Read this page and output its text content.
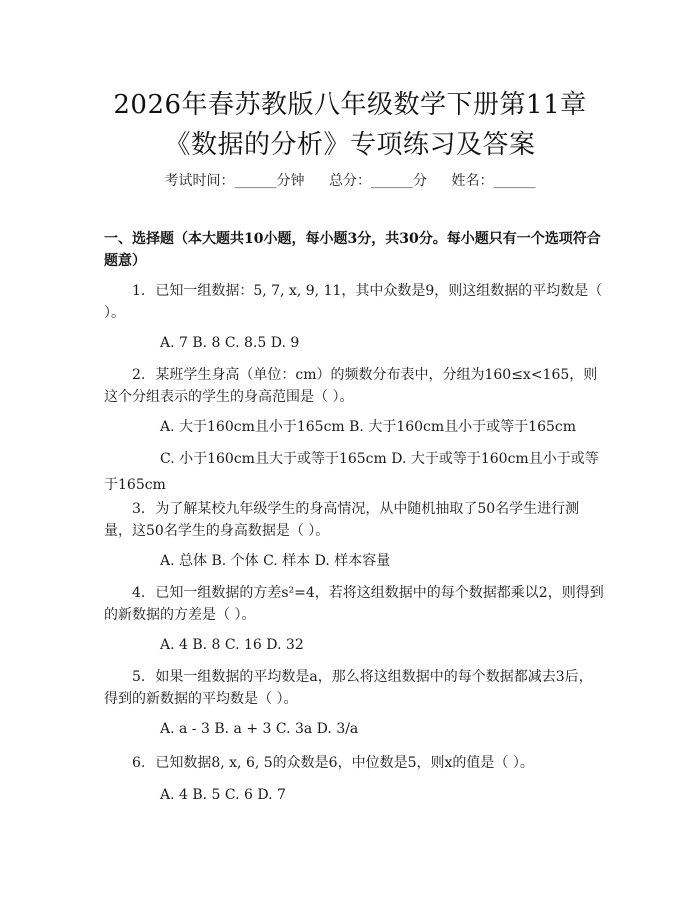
2026年春苏教版八年级数学下册第11章
《数据的分析》专项练习及答案
考试时间：______分钟 总分：______分 姓名：______
一、选择题（本大题共10小题，每小题3分，共30分。每小题只有一个选项符合题意）
1. 已知一组数据：5, 7, x, 9, 11，其中众数是9，则这组数据的平均数是（ ）。
A. 7 B. 8 C. 8.5 D. 9
2. 某班学生身高（单位：cm）的频数分布表中，分组为160≤x<165，则这个分组表示的学生的身高范围是（ ）。
A. 大于160cm且小于165cm B. 大于160cm且小于或等于165cm
C. 小于160cm且大于或等于165cm D. 大于或等于160cm且小于或等于165cm
3. 为了解某校九年级学生的身高情况，从中随机抽取了50名学生进行测量，这50名学生的身高数据是（ ）。
A. 总体 B. 个体 C. 样本 D. 样本容量
4. 已知一组数据的方差s²=4，若将这组数据中的每个数据都乘以2，则得到的新数据的方差是（ ）。
A. 4 B. 8 C. 16 D. 32
5. 如果一组数据的平均数是a，那么将这组数据中的每个数据都减去3后，得到的新数据的平均数是（ ）。
A. a - 3 B. a + 3 C. 3a D. 3/a
6. 已知数据8, x, 6, 5的众数是6，中位数是5，则x的值是（ ）。
A. 4 B. 5 C. 6 D. 7
